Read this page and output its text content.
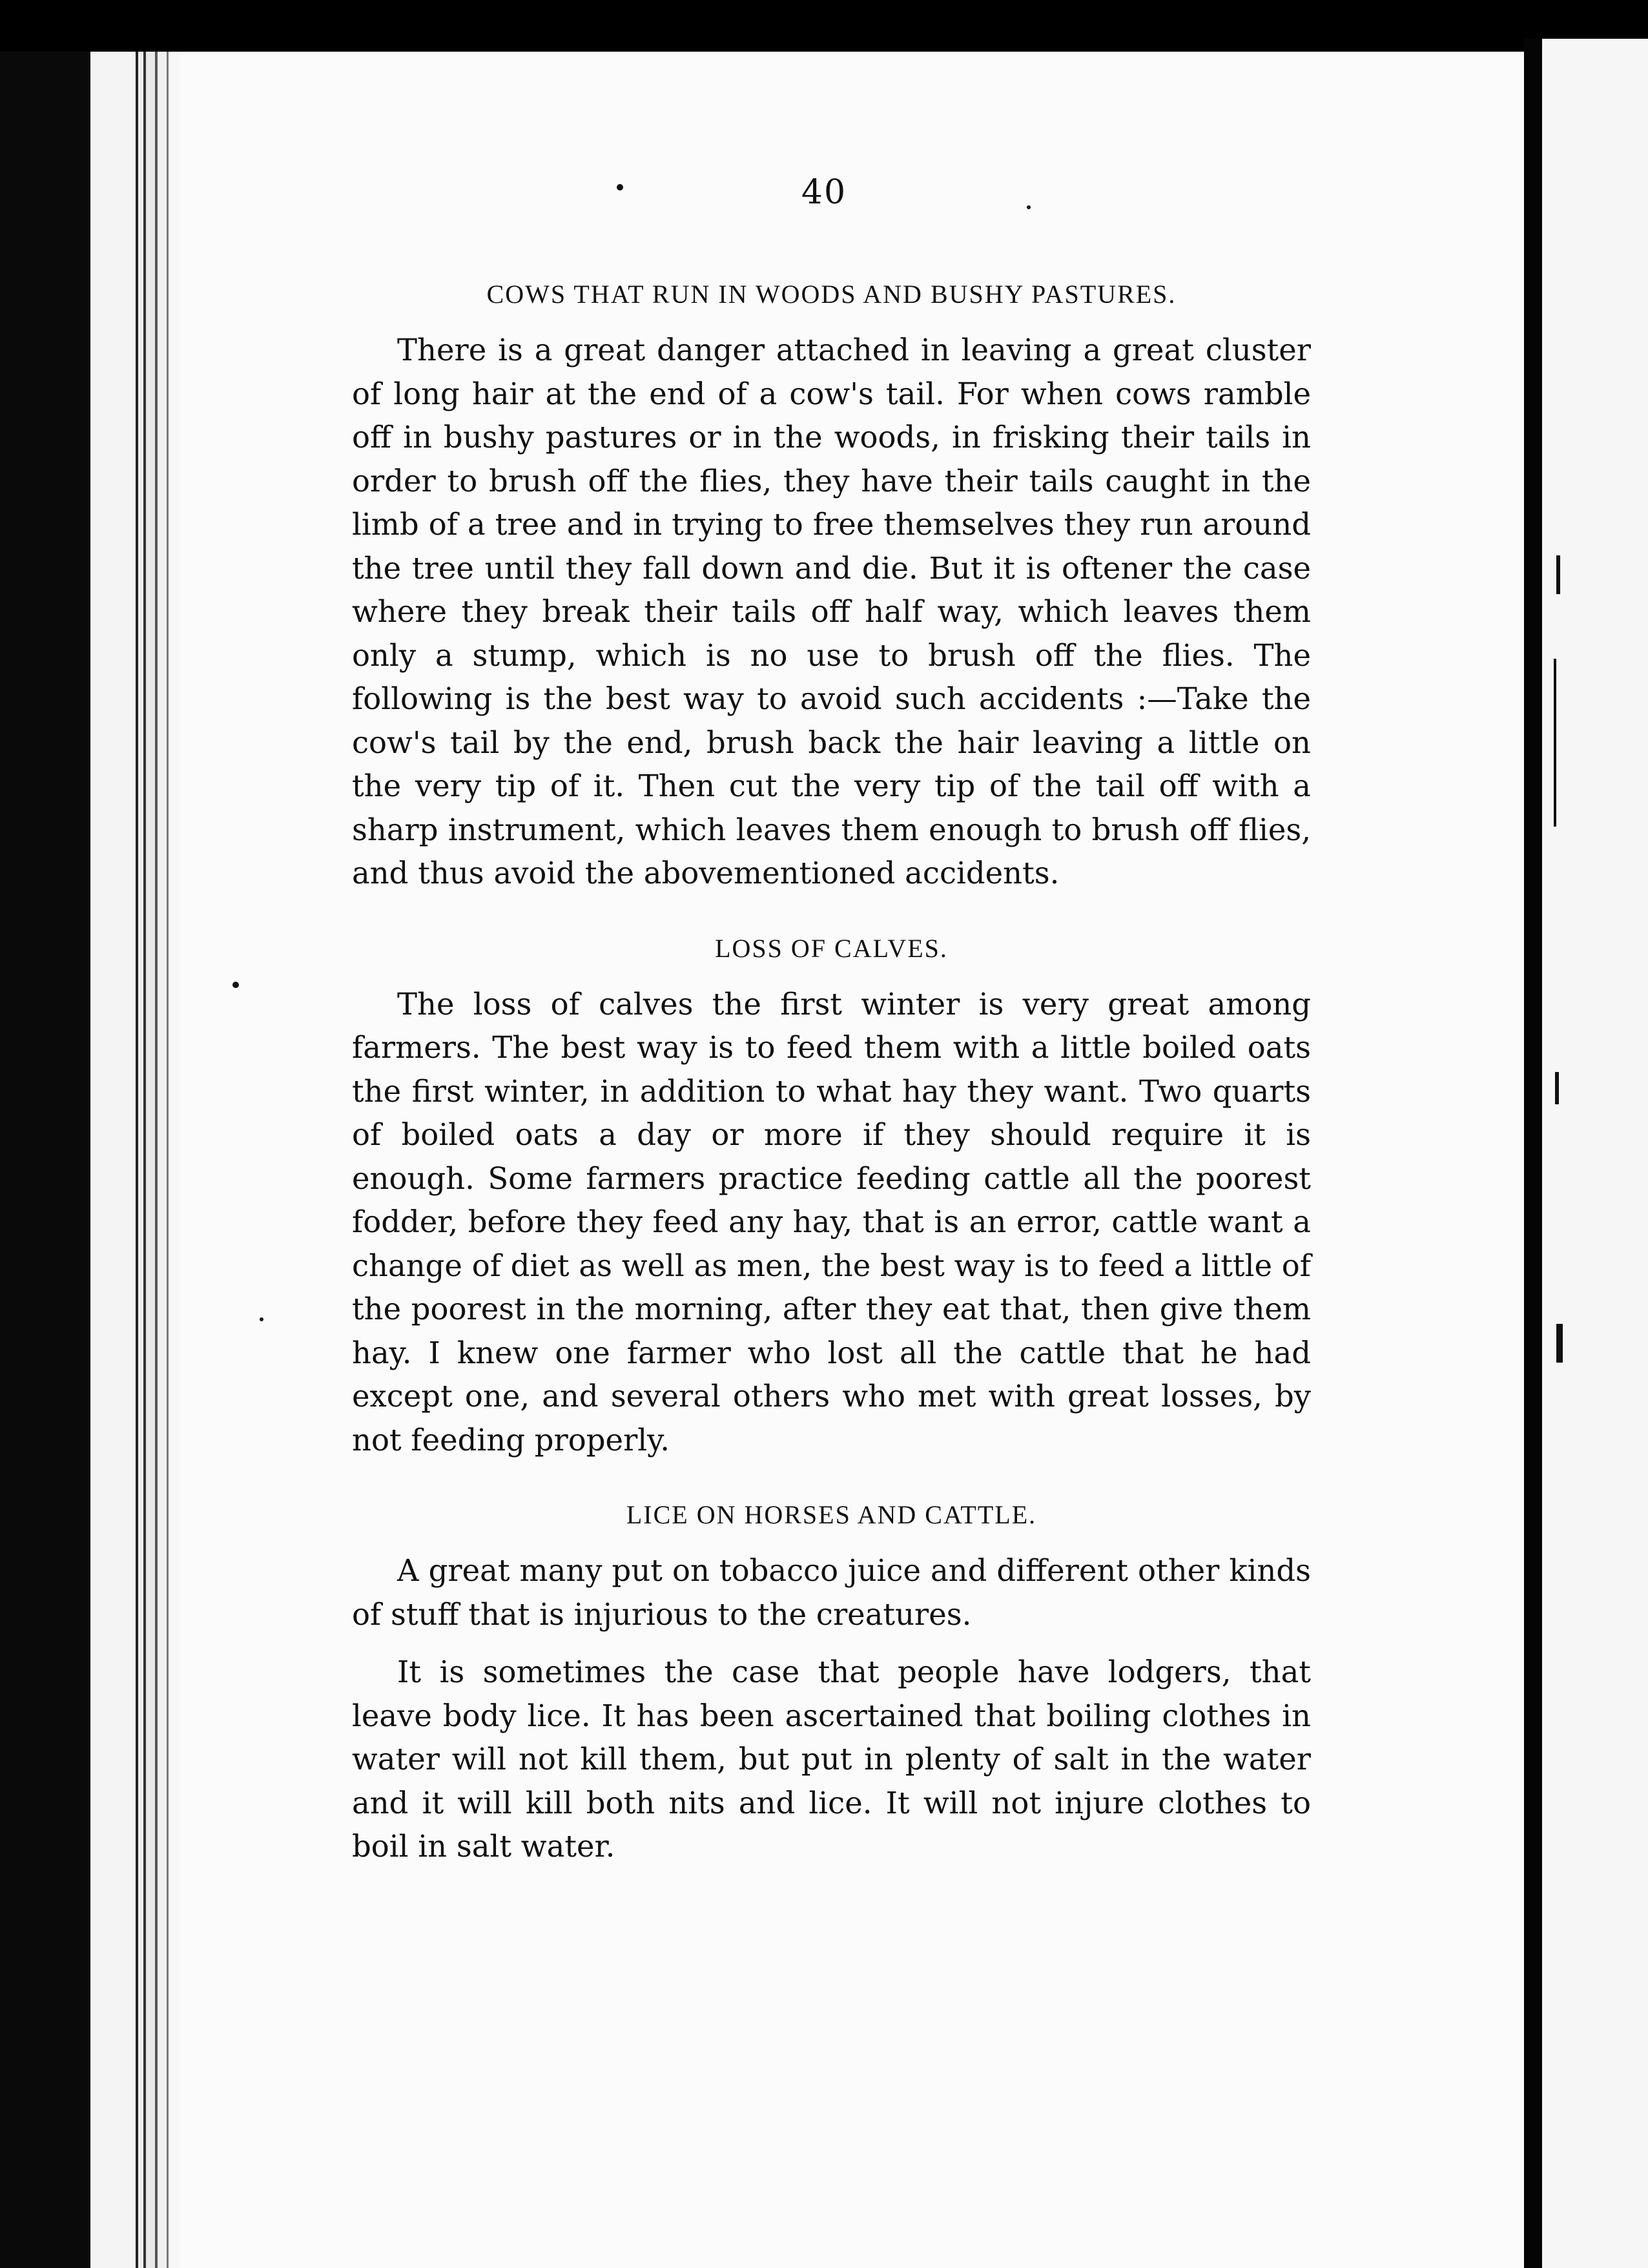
40
COWS THAT RUN IN WOODS AND BUSHY PASTURES.

There is a great danger attached in leaving a great cluster of long hair at the end of a cow's tail. For when cows ramble off in bushy pastures or in the woods, in frisking their tails in order to brush off the flies, they have their tails caught in the limb of a tree and in trying to free themselves they run around the tree until they fall down and die. But it is oftener the case where they break their tails off half way, which leaves them only a stump, which is no use to brush off the flies. The following is the best way to avoid such accidents :—Take the cow's tail by the end, brush back the hair leaving a little on the very tip of it. Then cut the very tip of the tail off with a sharp instrument, which leaves them enough to brush off flies, and thus avoid the abovementioned accidents.

LOSS OF CALVES.

The loss of calves the first winter is very great among farmers. The best way is to feed them with a little boiled oats the first winter, in addition to what hay they want. Two quarts of boiled oats a day or more if they should require it is enough. Some farmers practice feeding cattle all the poorest fodder, before they feed any hay, that is an error, cattle want a change of diet as well as men, the best way is to feed a little of the poorest in the morning, after they eat that, then give them hay. I knew one farmer who lost all the cattle that he had except one, and several others who met with great losses, by not feeding properly.

LICE ON HORSES AND CATTLE.

A great many put on tobacco juice and different other kinds of stuff that is injurious to the creatures.

It is sometimes the case that people have lodgers, that leave body lice. It has been ascertained that boiling clothes in water will not kill them, but put in plenty of salt in the water and it will kill both nits and lice. It will not injure clothes to boil in salt water.
